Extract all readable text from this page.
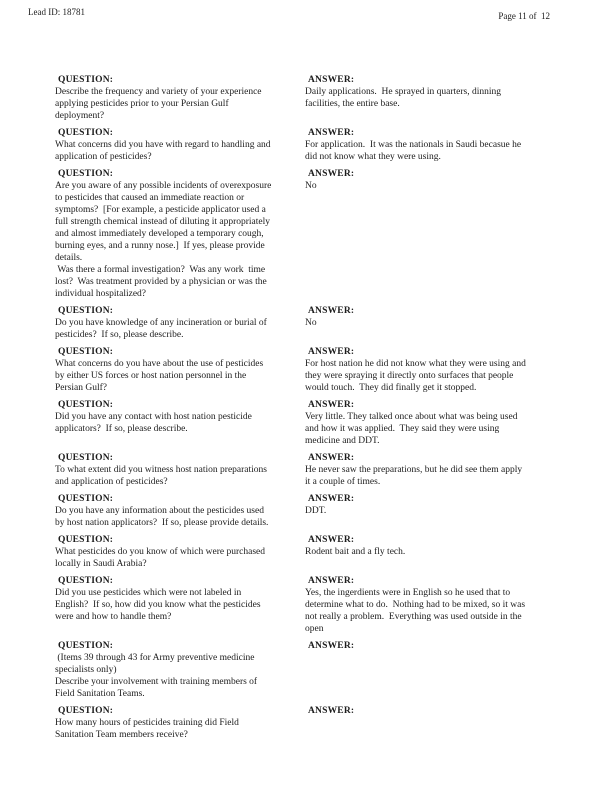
Lead ID: 18781	Page 11 of  12
QUESTION:
Describe the frequency and variety of your experience
applying pesticides prior to your Persian Gulf
deployment?
ANSWER:
Daily applications.  He sprayed in quarters, dinning
facilities, the entire base.
QUESTION:
What concerns did you have with regard to handling and
application of pesticides?
ANSWER:
For application.  It was the nationals in Saudi becasue he
did not know what they were using.
QUESTION:
Are you aware of any possible incidents of overexposure
to pesticides that caused an immediate reaction or
symptoms?  [For example, a pesticide applicator used a
full strength chemical instead of diluting it appropriately
and almost immediately developed a temporary cough,
burning eyes, and a runny nose.]  If yes, please provide
details.
Was there a formal investigation?  Was any work  time
lost?  Was treatment provided by a physician or was the
individual hospitalized?
ANSWER:
No
QUESTION:
Do you have knowledge of any incineration or burial of
pesticides?  If so, please describe.
ANSWER:
No
QUESTION:
What concerns do you have about the use of pesticides
by either US forces or host nation personnel in the
Persian Gulf?
ANSWER:
For host nation he did not know what they were using and
they were spraying it directly onto surfaces that people
would touch.  They did finally get it stopped.
QUESTION:
Did you have any contact with host nation pesticide
applicators?  If so, please describe.
ANSWER:
Very little. They talked once about what was being used
and how it was applied.  They said they were using
medicine and DDT.
QUESTION:
To what extent did you witness host nation preparations
and application of pesticides?
ANSWER:
He never saw the preparations, but he did see them apply
it a couple of times.
QUESTION:
Do you have any information about the pesticides used
by host nation applicators?  If so, please provide details.
ANSWER:
DDT.
QUESTION:
What pesticides do you know of which were purchased
locally in Saudi Arabia?
ANSWER:
Rodent bait and a fly tech.
QUESTION:
Did you use pesticides which were not labeled in
English?  If so, how did you know what the pesticides
were and how to handle them?
ANSWER:
Yes, the ingerdients were in English so he used that to
determine what to do.  Nothing had to be mixed, so it was
not really a problem.  Everything was used outside in the
open
QUESTION:
(Items 39 through 43 for Army preventive medicine
specialists only)
Describe your involvement with training members of
Field Sanitation Teams.
ANSWER:
QUESTION:
How many hours of pesticides training did Field
Sanitation Team members receive?
ANSWER:
